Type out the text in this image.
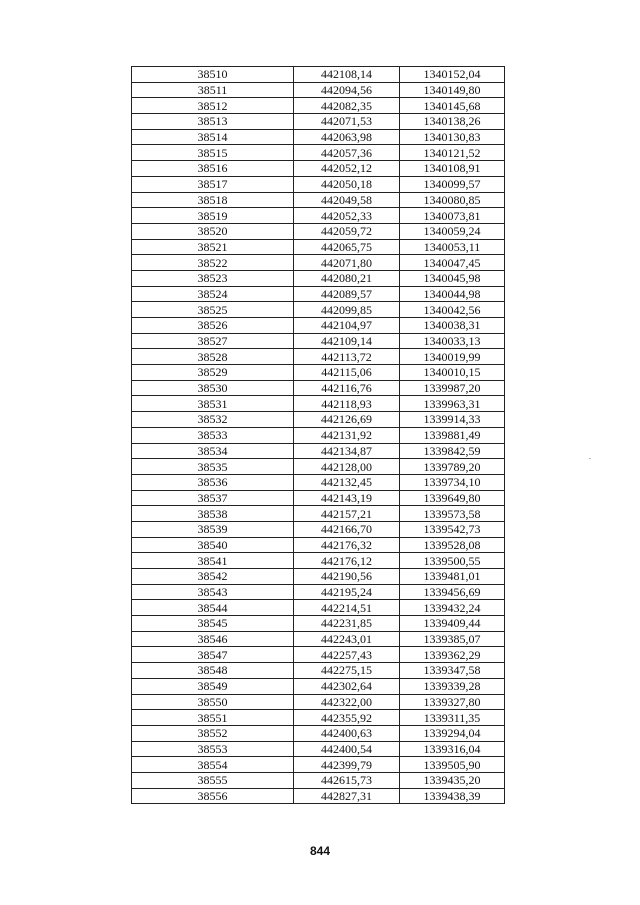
38510	442108,14	1340152,04
38511	442094,56	1340149,80
38512	442082,35	1340145,68
38513	442071,53	1340138,26
38514	442063,98	1340130,83
38515	442057,36	1340121,52
38516	442052,12	1340108,91
38517	442050,18	1340099,57
38518	442049,58	1340080,85
38519	442052,33	1340073,81
38520	442059,72	1340059,24
38521	442065,75	1340053,11
38522	442071,80	1340047,45
38523	442080,21	1340045,98
38524	442089,57	1340044,98
38525	442099,85	1340042,56
38526	442104,97	1340038,31
38527	442109,14	1340033,13
38528	442113,72	1340019,99
38529	442115,06	1340010,15
38530	442116,76	1339987,20
38531	442118,93	1339963,31
38532	442126,69	1339914,33
38533	442131,92	1339881,49
38534	442134,87	1339842,59
38535	442128,00	1339789,20
38536	442132,45	1339734,10
38537	442143,19	1339649,80
38538	442157,21	1339573,58
38539	442166,70	1339542,73
38540	442176,32	1339528,08
38541	442176,12	1339500,55
38542	442190,56	1339481,01
38543	442195,24	1339456,69
38544	442214,51	1339432,24
38545	442231,85	1339409,44
38546	442243,01	1339385,07
38547	442257,43	1339362,29
38548	442275,15	1339347,58
38549	442302,64	1339339,28
38550	442322,00	1339327,80
38551	442355,92	1339311,35
38552	442400,63	1339294,04
38553	442400,54	1339316,04
38554	442399,79	1339505,90
38555	442615,73	1339435,20
38556	442827,31	1339438,39
844
